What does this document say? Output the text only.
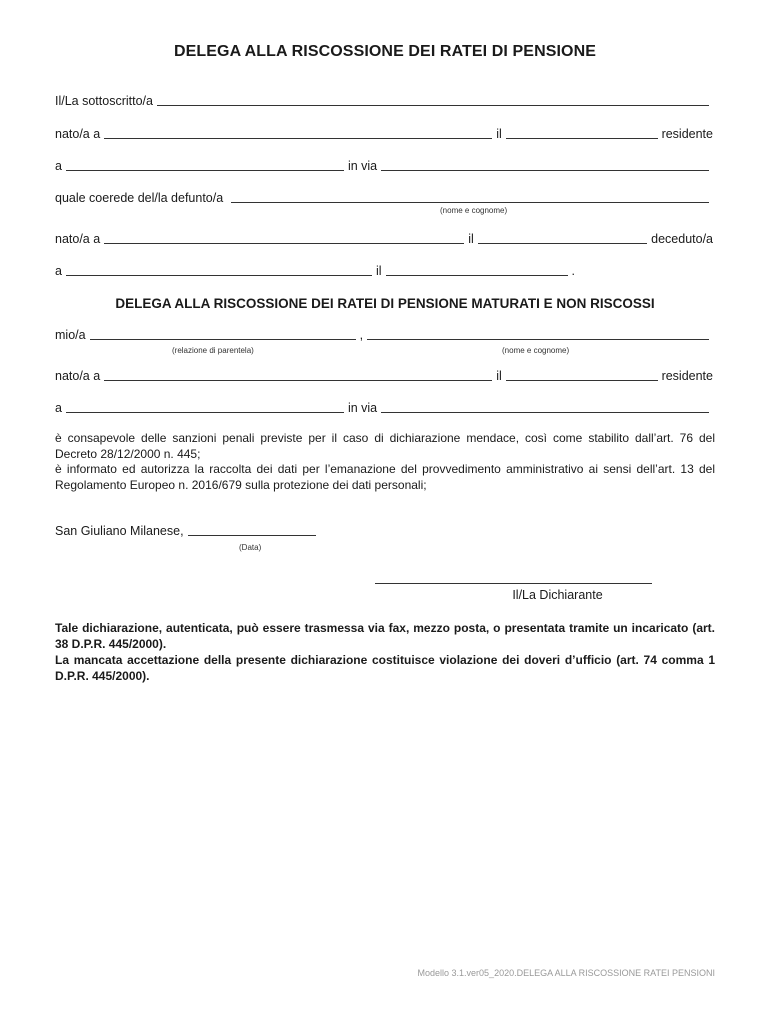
DELEGA ALLA RISCOSSIONE DEI RATEI DI PENSIONE
Il/La sottoscritto/a
nato/a a	il	residente
a	in via
quale coerede del/la defunto/a
(nome e cognome)
nato/a a	il	deceduto/a
a	il	.
DELEGA ALLA RISCOSSIONE DEI RATEI DI PENSIONE MATURATI E NON RISCOSSI
mio/a	,
(relazione di parentela)	(nome e cognome)
nato/a a	il	residente
a	in via

è consapevole delle sanzioni penali previste per il caso di dichiarazione mendace, così come stabilito dall’art. 76 del Decreto 28/12/2000 n. 445;

è informato ed autorizza la raccolta dei dati per l’emanazione del provvedimento amministrativo ai sensi dell’art. 13 del Regolamento Europeo n. 2016/679 sulla protezione dei dati personali;

San Giuliano Milanese,
(Data)
Il/La Dichiarante

Tale dichiarazione, autenticata, può essere trasmessa via fax, mezzo posta, o presentata tramite un incaricato (art. 38 D.P.R. 445/2000).

La mancata accettazione della presente dichiarazione costituisce violazione dei doveri d’ufficio (art. 74 comma 1 D.P.R. 445/2000).

Modello 3.1.ver05_2020.DELEGA ALLA RISCOSSIONE RATEI PENSIONI
